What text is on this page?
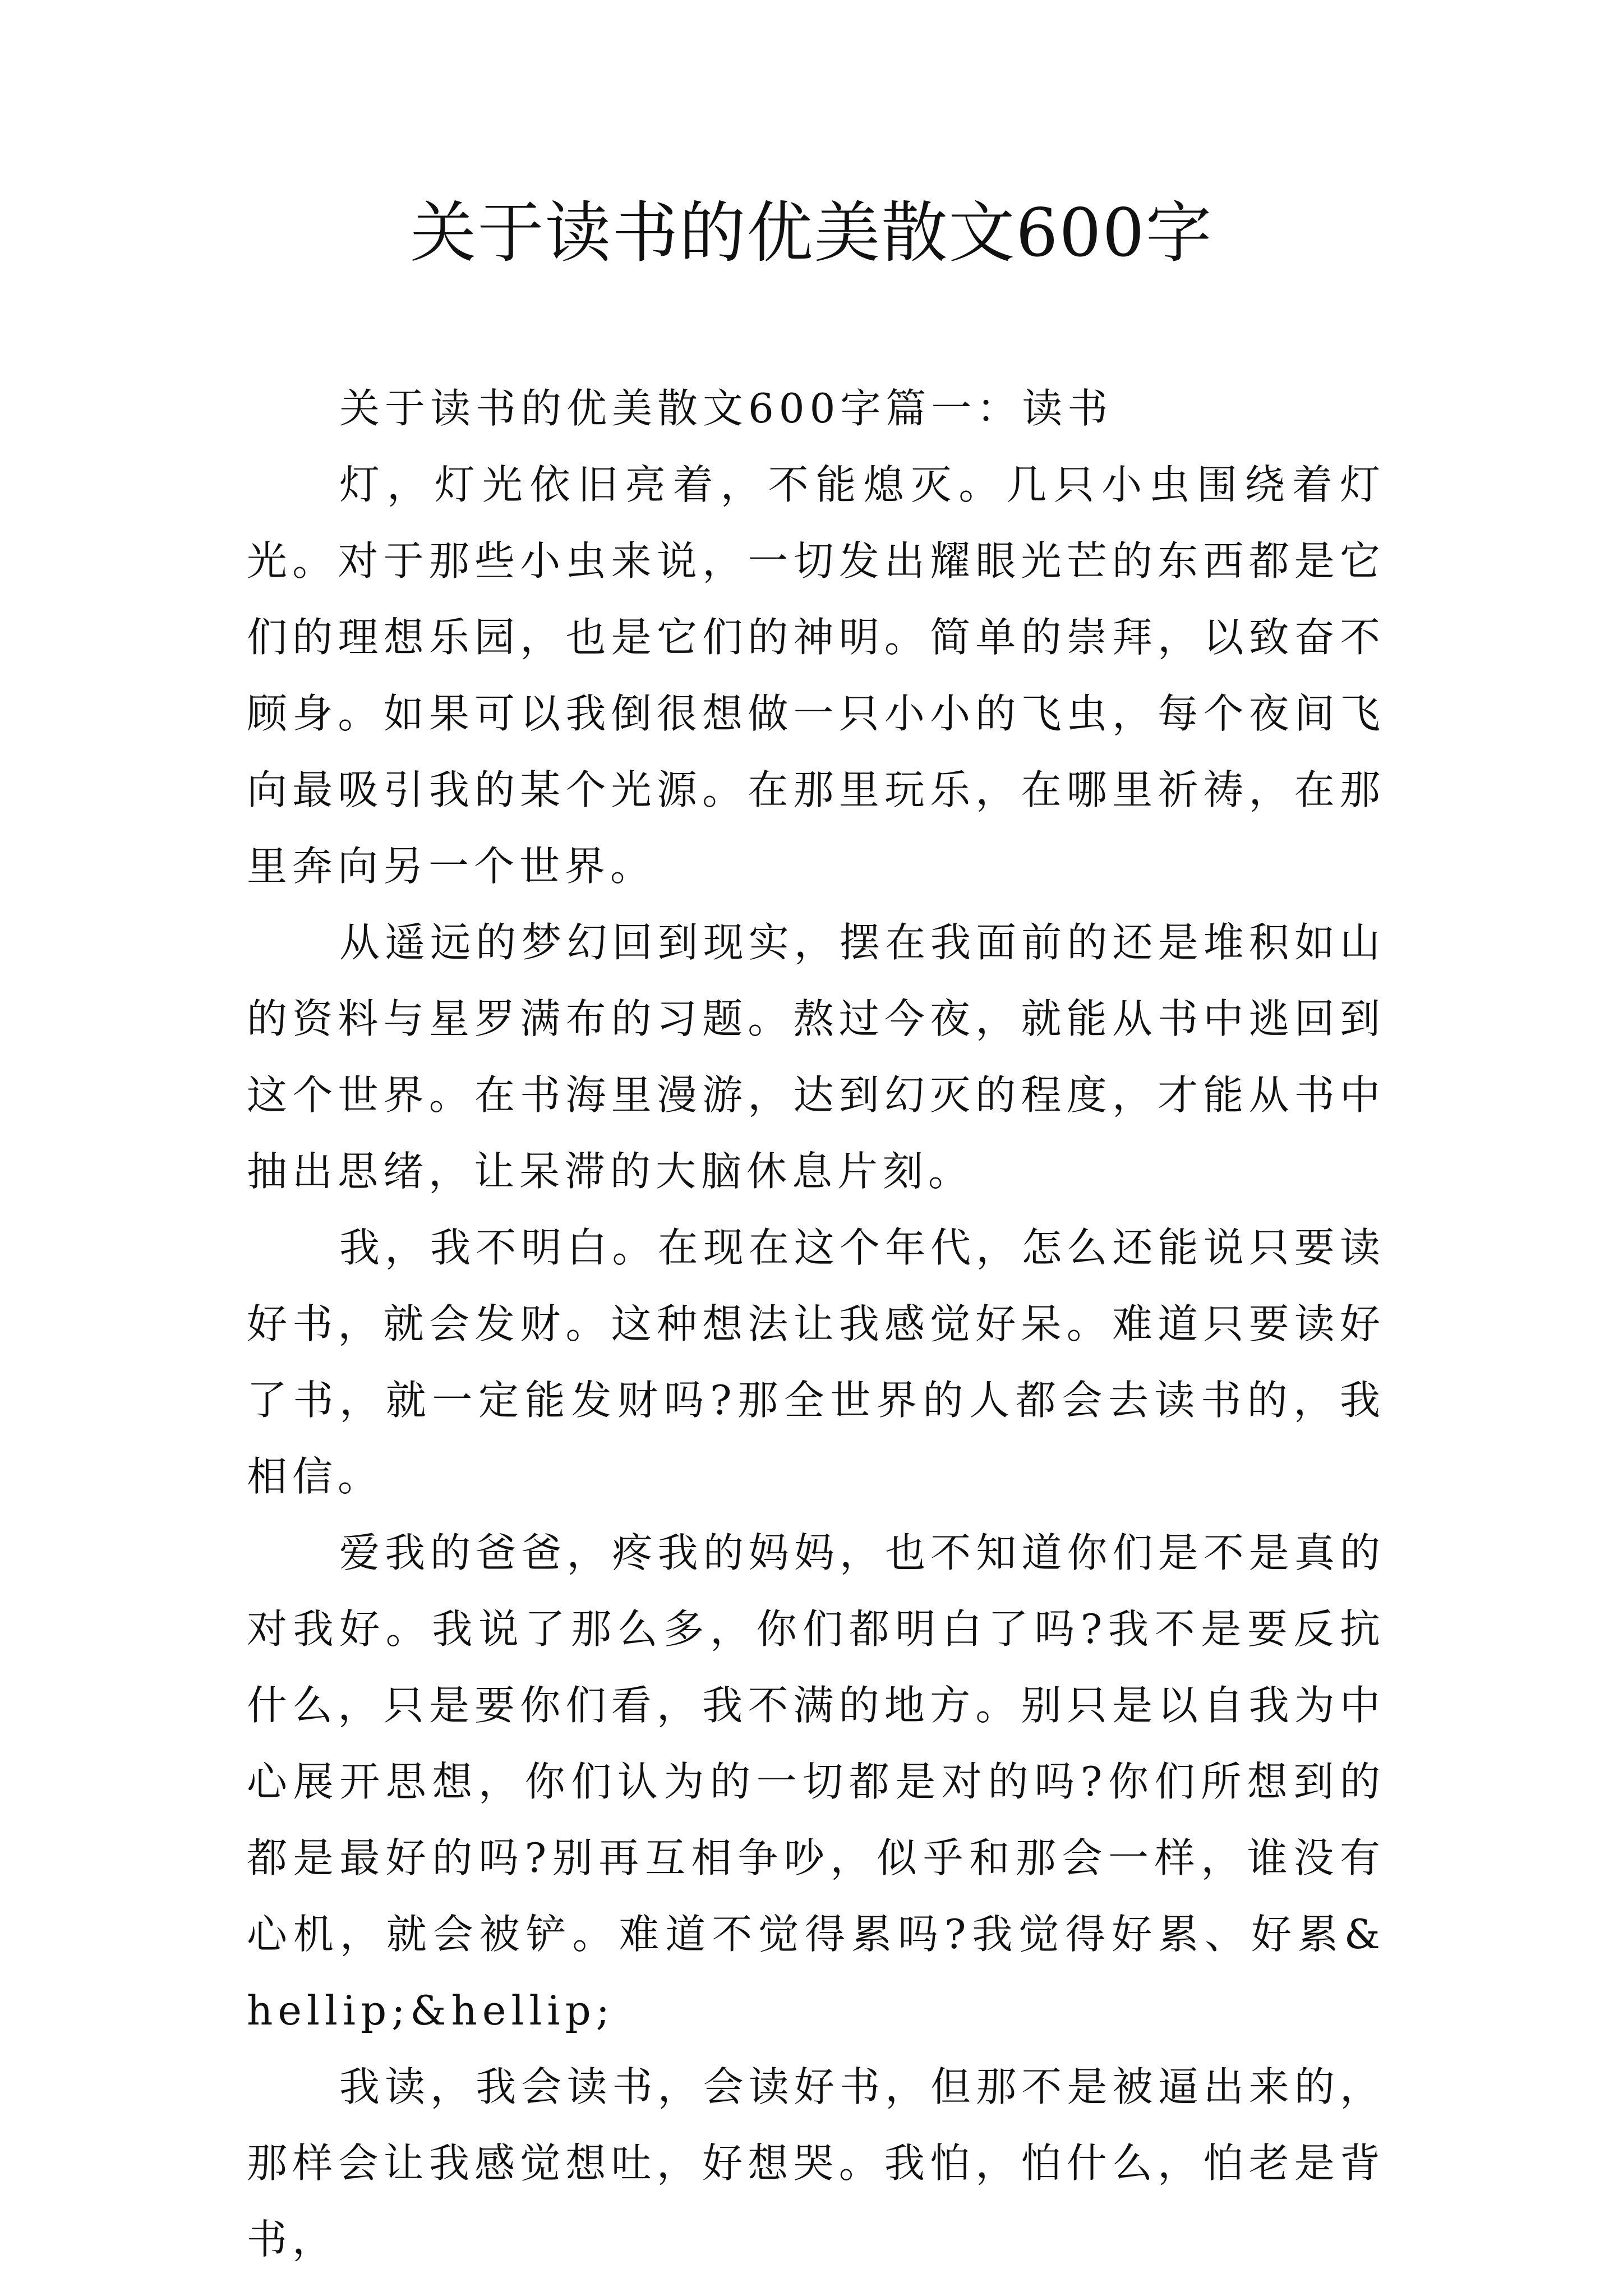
关于读书的优美散文600字

关于读书的优美散文600字篇一：读书

灯，灯光依旧亮着，不能熄灭。几只小虫围绕着灯光。对于那些小虫来说，一切发出耀眼光芒的东西都是它们的理想乐园，也是它们的神明。简单的崇拜，以致奋不顾身。如果可以我倒很想做一只小小的飞虫，每个夜间飞向最吸引我的某个光源。在那里玩乐，在哪里祈祷，在那里奔向另一个世界。

从遥远的梦幻回到现实，摆在我面前的还是堆积如山的资料与星罗满布的习题。熬过今夜，就能从书中逃回到这个世界。在书海里漫游，达到幻灭的程度，才能从书中抽出思绪，让呆滞的大脑休息片刻。

我，我不明白。在现在这个年代，怎么还能说只要读好书，就会发财。这种想法让我感觉好呆。难道只要读好了书，就一定能发财吗?那全世界的人都会去读书的，我相信。

爱我的爸爸，疼我的妈妈，也不知道你们是不是真的对我好。我说了那么多，你们都明白了吗?我不是要反抗什么，只是要你们看，我不满的地方。别只是以自我为中心展开思想，你们认为的一切都是对的吗?你们所想到的都是最好的吗?别再互相争吵，似乎和那会一样，谁没有心机，就会被铲。难道不觉得累吗?我觉得好累、好累&hellip;&hellip;

我读，我会读书，会读好书，但那不是被逼出来的，那样会让我感觉想吐，好想哭。我怕，怕什么，怕老是背书，
